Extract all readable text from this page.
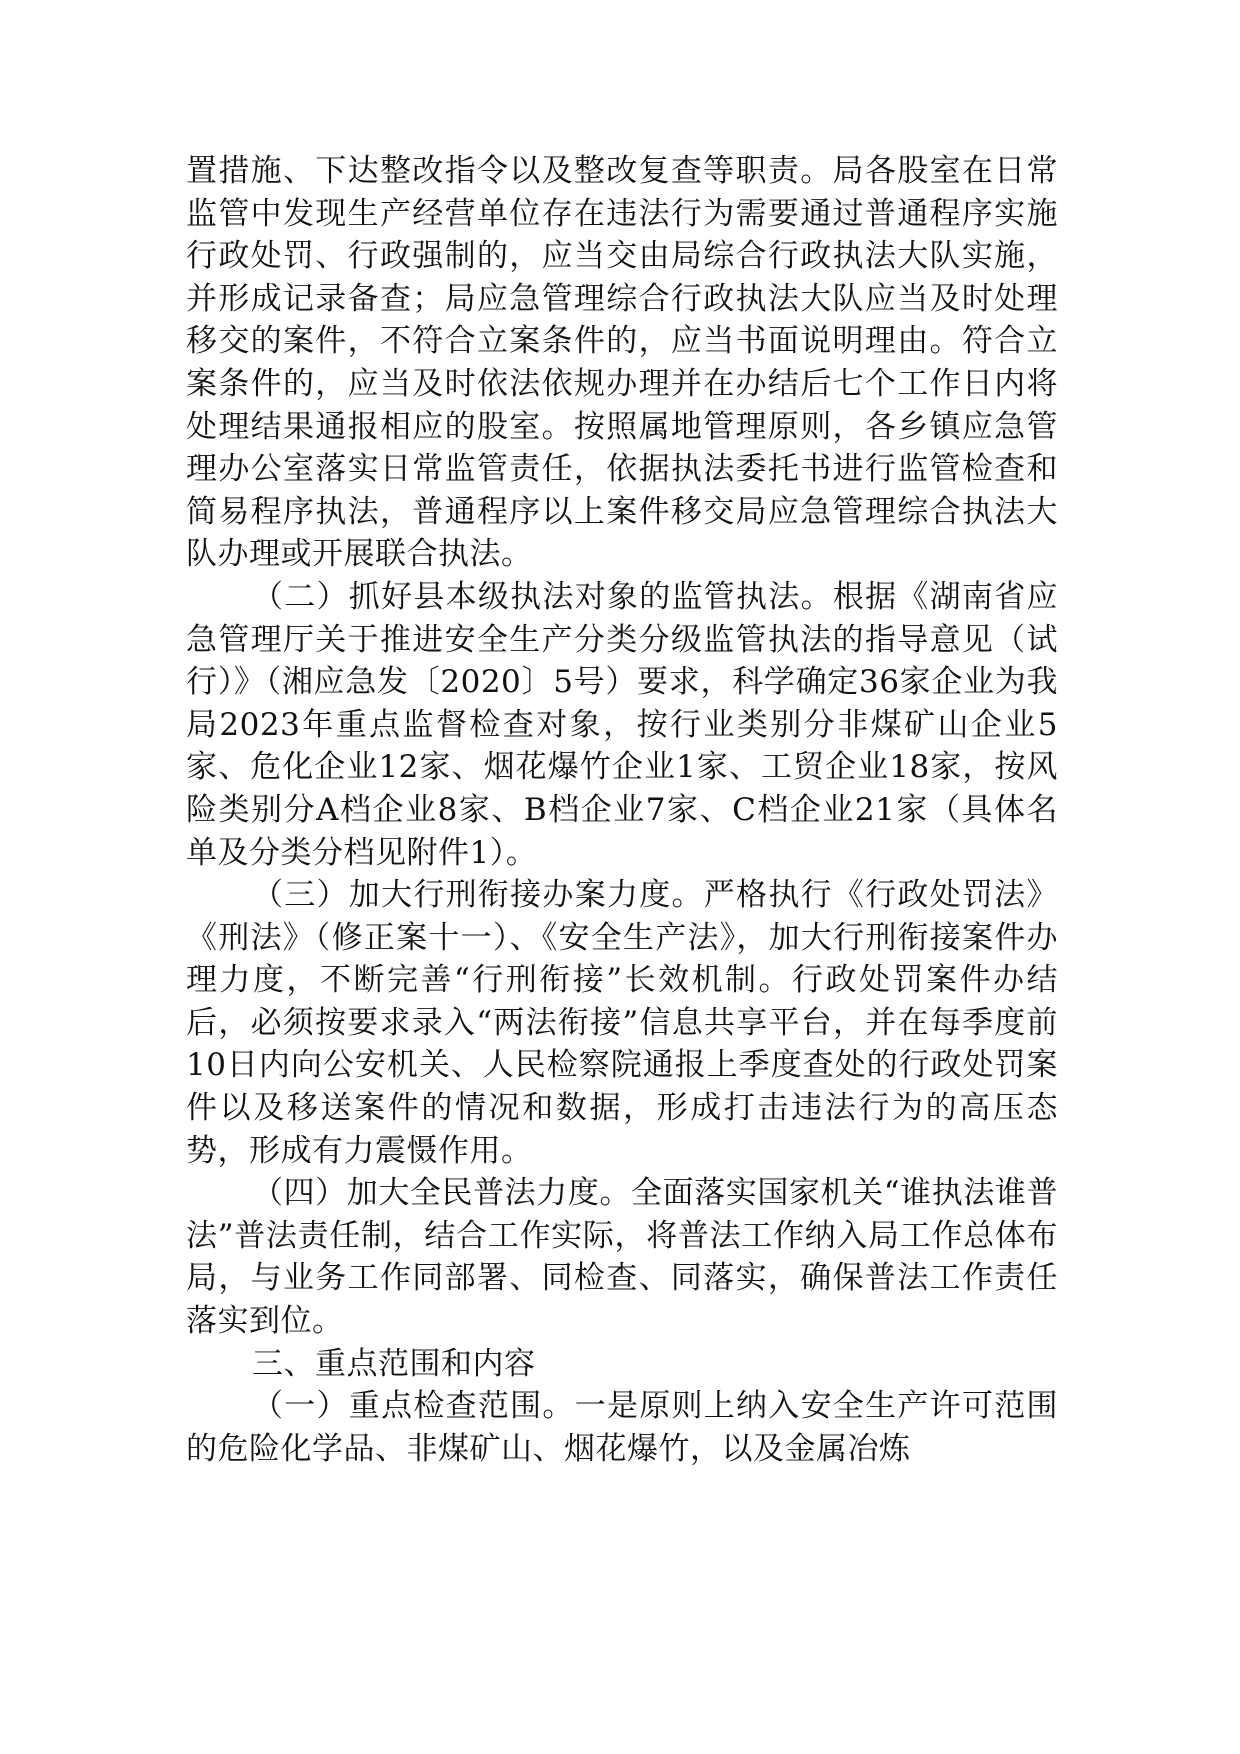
置措施、下达整改指令以及整改复查等职责。局各股室在日常监管中发现生产经营单位存在违法行为需要通过普通程序实施行政处罚、行政强制的，应当交由局综合行政执法大队实施，并形成记录备查；局应急管理综合行政执法大队应当及时处理移交的案件，不符合立案条件的，应当书面说明理由。符合立案条件的，应当及时依法依规办理并在办结后七个工作日内将处理结果通报相应的股室。按照属地管理原则，各乡镇应急管理办公室落实日常监管责任，依据执法委托书进行监管检查和简易程序执法，普通程序以上案件移交局应急管理综合执法大队办理或开展联合执法。

（二）抓好县本级执法对象的监管执法。根据《湖南省应急管理厅关于推进安全生产分类分级监管执法的指导意见（试行）》（湘应急发〔2020〕5号）要求，科学确定36家企业为我局2023年重点监督检查对象，按行业类别分非煤矿山企业5家、危化企业12家、烟花爆竹企业1家、工贸企业18家，按风险类别分A档企业8家、B档企业7家、C档企业21家（具体名单及分类分档见附件1）。

（三）加大行刑衔接办案力度。严格执行《行政处罚法》《刑法》（修正案十一）、《安全生产法》，加大行刑衔接案件办理力度，不断完善“行刑衔接”长效机制。行政处罚案件办结后，必须按要求录入“两法衔接”信息共享平台，并在每季度前10日内向公安机关、人民检察院通报上季度查处的行政处罚案件以及移送案件的情况和数据，形成打击违法行为的高压态势，形成有力震慑作用。

（四）加大全民普法力度。全面落实国家机关“谁执法谁普法”普法责任制，结合工作实际，将普法工作纳入局工作总体布局，与业务工作同部署、同检查、同落实，确保普法工作责任落实到位。

三、重点范围和内容

（一）重点检查范围。一是原则上纳入安全生产许可范围的危险化学品、非煤矿山、烟花爆竹，以及金属冶炼
